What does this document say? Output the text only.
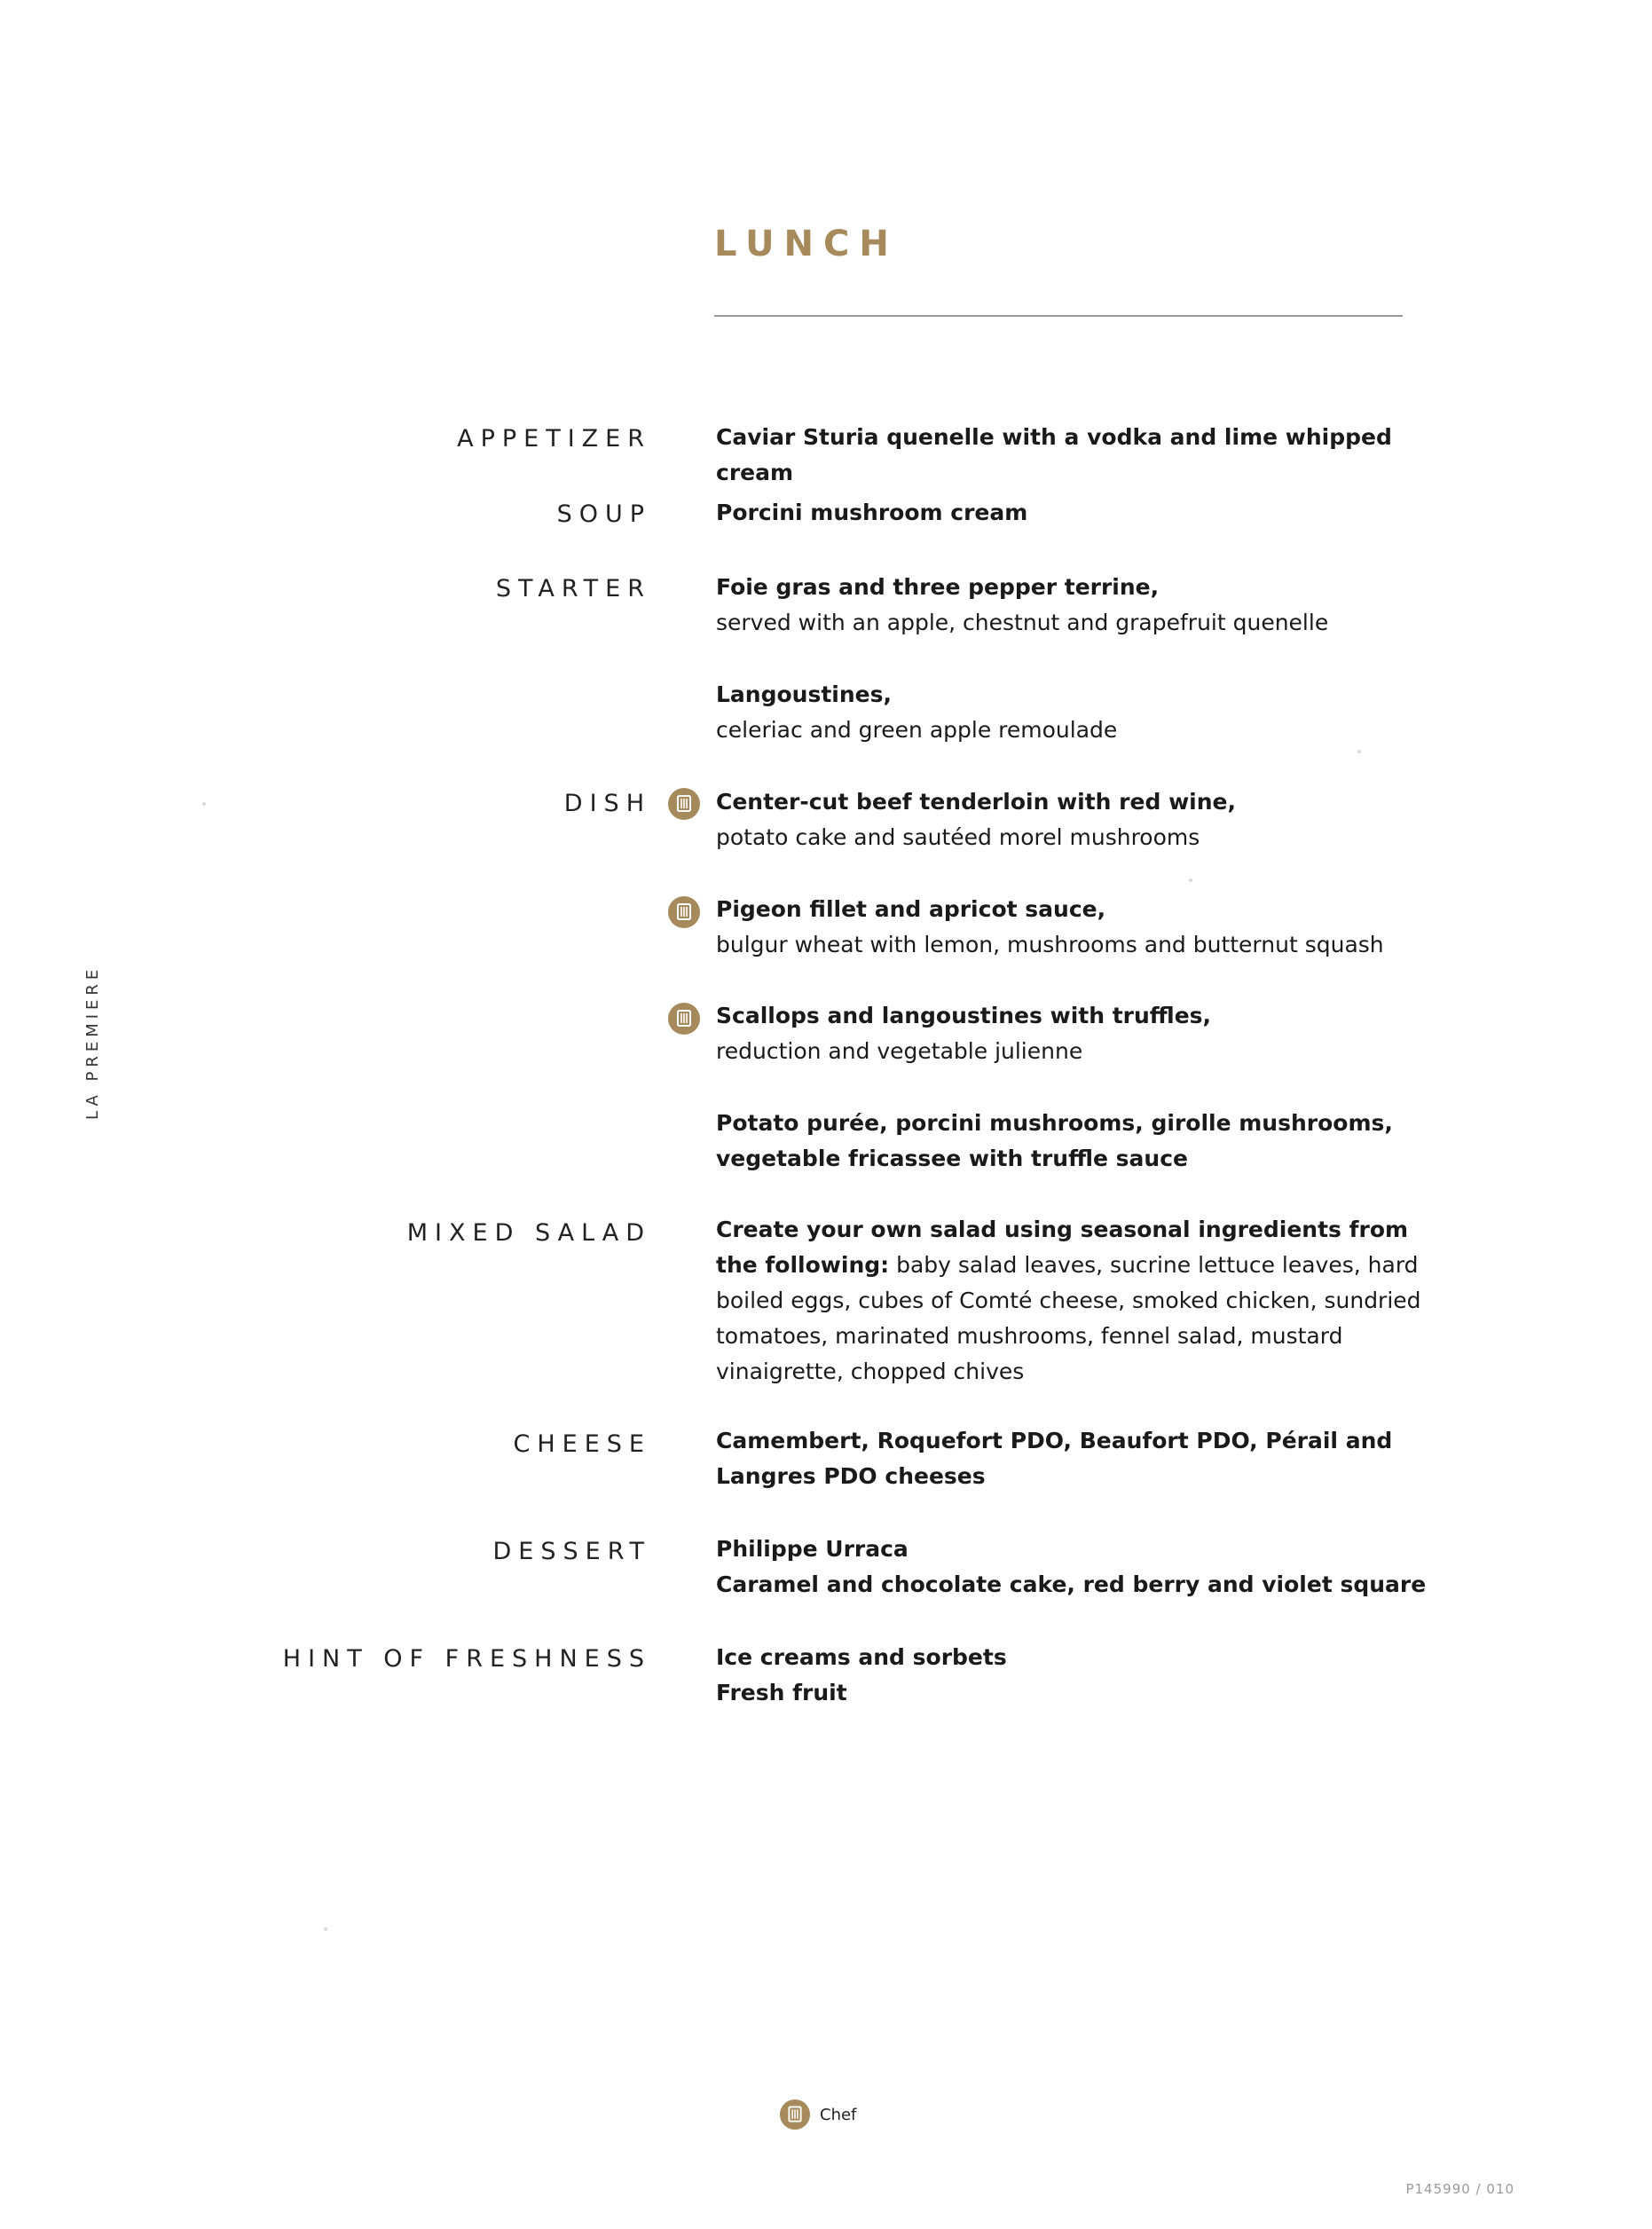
LUNCH
LA PREMIERE
APPETIZER	Caviar Sturia quenelle with a vodka and lime whipped cream
SOUP	Porcini mushroom cream
STARTER	Foie gras and three pepper terrine,
served with an apple, chestnut and grapefruit quenelle
Langoustines,
celeriac and green apple remoulade
DISH	Center-cut beef tenderloin with red wine,
potato cake and sautéed morel mushrooms
Pigeon fillet and apricot sauce,
bulgur wheat with lemon, mushrooms and butternut squash
Scallops and langoustines with truffles,
reduction and vegetable julienne
Potato purée, porcini mushrooms, girolle mushrooms,
vegetable fricassee with truffle sauce
MIXED SALAD	Create your own salad using seasonal ingredients from the following: baby salad leaves, sucrine lettuce leaves, hard boiled eggs, cubes of Comté cheese, smoked chicken, sundried tomatoes, marinated mushrooms, fennel salad, mustard vinaigrette, chopped chives
CHEESE	Camembert, Roquefort PDO, Beaufort PDO, Pérail and
Langres PDO cheeses
DESSERT	Philippe Urraca
Caramel and chocolate cake, red berry and violet square
HINT OF FRESHNESS	Ice creams and sorbets
Fresh fruit
Chef
P145990 / 010
